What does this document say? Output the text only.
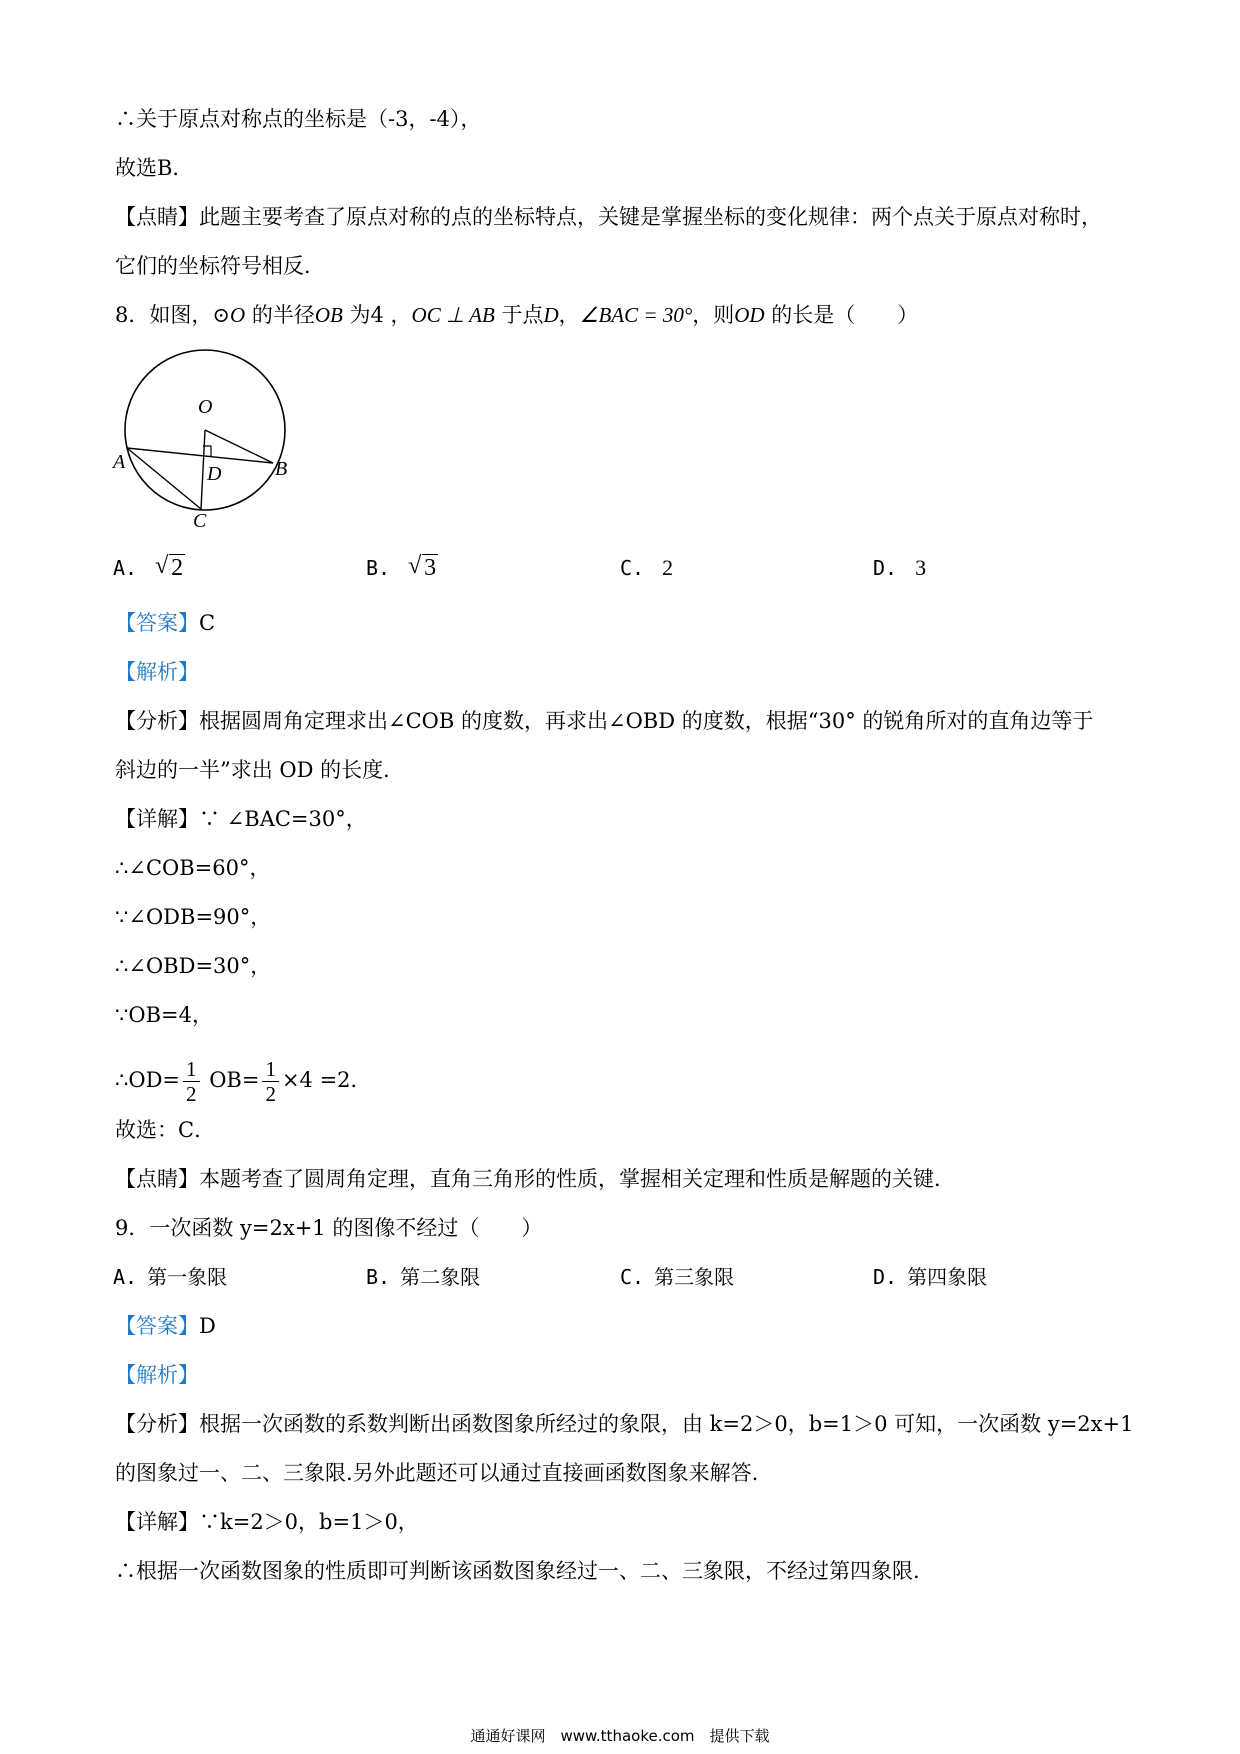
∴关于原点对称点的坐标是（-3，-4），
故选B．
【点睛】此题主要考查了原点对称的点的坐标特点，关键是掌握坐标的变化规律：两个点关于原点对称时，
它们的坐标符号相反．
8．如图，⊙O 的半径OB 为4 ，OC ⊥ AB 于点D，∠BAC = 30°，则OD 的长是（　　）
O
A	B
C
D
A. √ 2	B. √ 3	C. 2	D. 3
【答案】C
【解析】
【分析】根据圆周角定理求出∠COB 的度数，再求出∠OBD 的度数，根据“30° 的锐角所对的直角边等于
斜边的一半”求出 OD 的长度．
【详解】∵ ∠BAC=30°，
∴∠COB=60°，
∵∠ODB=90°，
∴∠OBD=30°，
∵OB=4，
∴OD= $\frac{1}{2} OB= \frac{1}{2} \times 4 =2$．
故选：C．
【点睛】本题考查了圆周角定理，直角三角形的性质，掌握相关定理和性质是解题的关键．
9．一次函数 y=2x+1 的图像不经过（　　）
A. 第一象限	B. 第二象限	C. 第三象限	D. 第四象限
【答案】D
【解析】
【分析】根据一次函数的系数判断出函数图象所经过的象限，由 k=2＞0，b=1＞0 可知，一次函数 y=2x+1
的图象过一、二、三象限.另外此题还可以通过直接画函数图象来解答.
【详解】∵k=2＞0，b=1＞0，
∴根据一次函数图象的性质即可判断该函数图象经过一、二、三象限，不经过第四象限.
通通好课网　www.tthaoke.com　提供下载
